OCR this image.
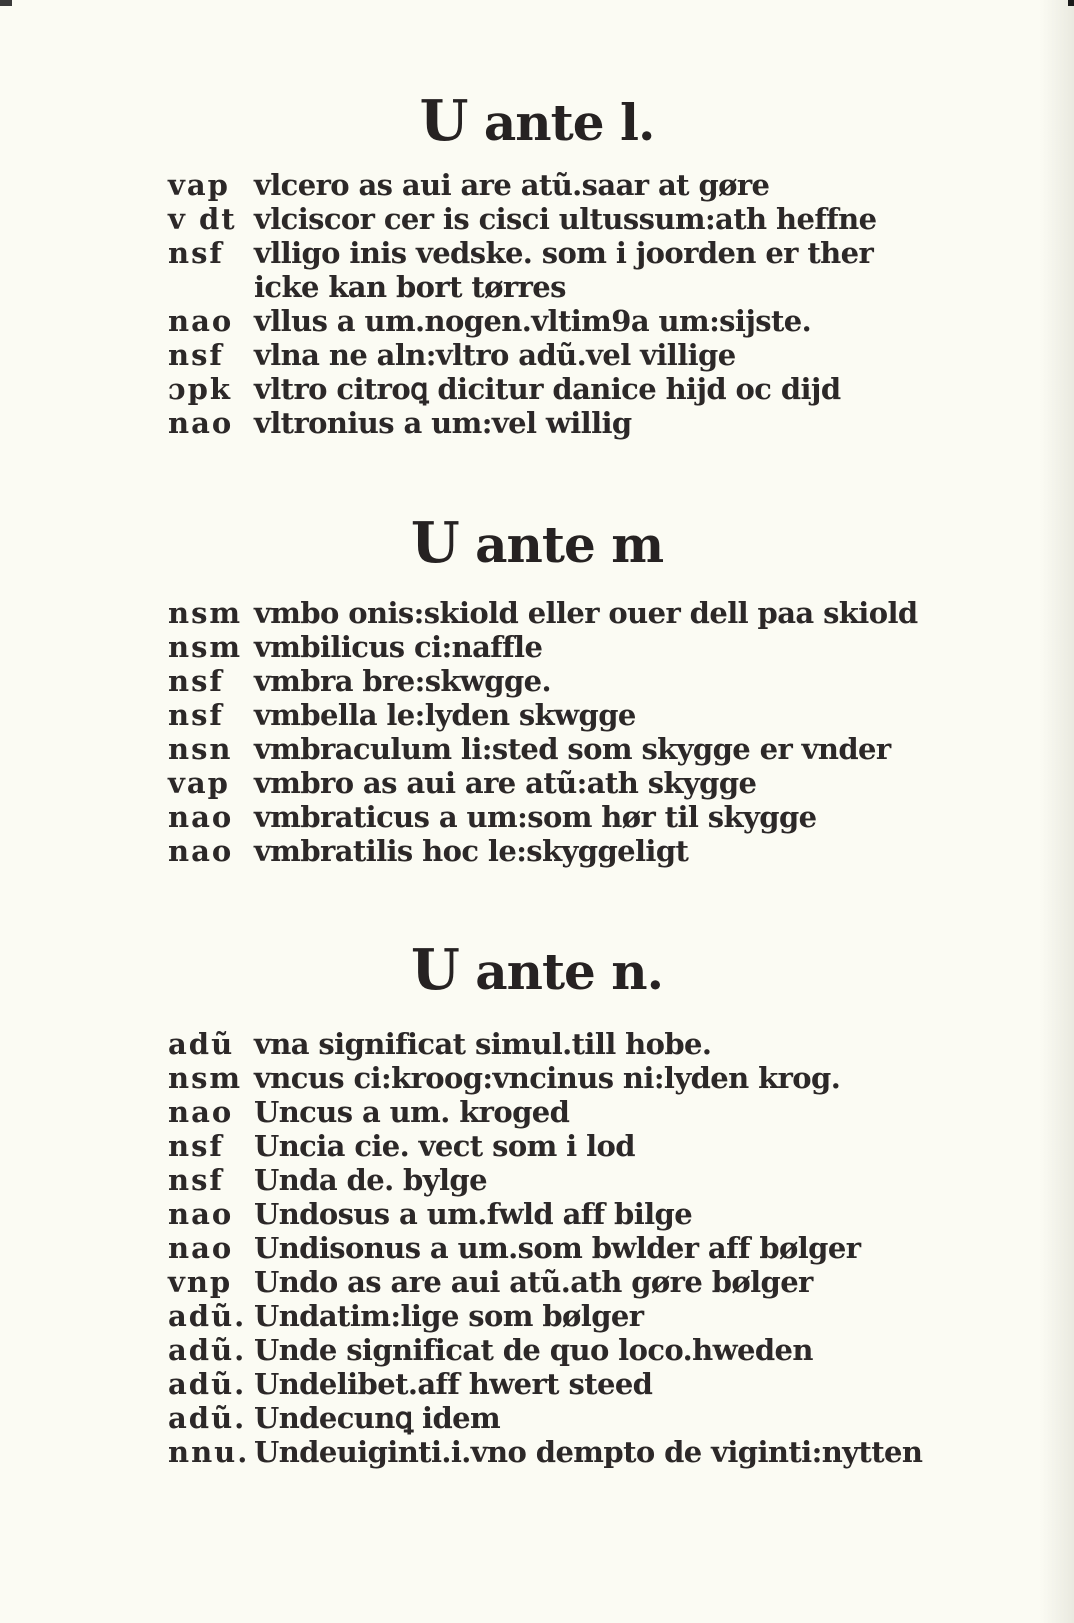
U ante l.
vap vlcero as aui are atũ.saar at gøre
v dt vlciscor cer is cisci ultussum:ath heffne
nsf	vlligo inis vedske. som i joorden er ther icke kan bort tørres
nao vllus a um.nogen.vltim9a um:sijste.
nsf	vlna ne aln:vltro adũ.vel villige
ɔpk vltro citroꝗ dicitur danice hijd oc dijd
nao vltronius a um:vel willig
U ante m
nsm vmbo onis:skiold eller ouer dell paa skiold
nsm vmbilicus ci:naffle
nsf	vmbra bre:skwgge.
nsf	vmbella le:lyden skwgge
nsn vmbraculum li:sted som skygge er vnder
vap vmbro as aui are atũ:ath skygge
nao vmbraticus a um:som hør til skygge
nao vmbratilis hoc le:skyggeligt
U ante n.
adũ vna significat simul.till hobe.
nsm vncus ci:kroog:vncinus ni:lyden krog.
nao Uncus a um. kroged
nsf	Uncia cie. vect som i lod
nsf	Unda de. bylge
nao Undosus a um.fwld aff bilge
nao Undisonus a um.som bwlder aff bølger
vnp Undo as are aui atũ.ath gøre bølger
adũ. Undatim:lige som bølger
adũ. Unde significat de quo loco.hweden
adũ. Undelibet.aff hwert steed
adũ. Undecunꝗ idem
nnu. Undeuiginti.i.vno dempto de viginti:nytten
